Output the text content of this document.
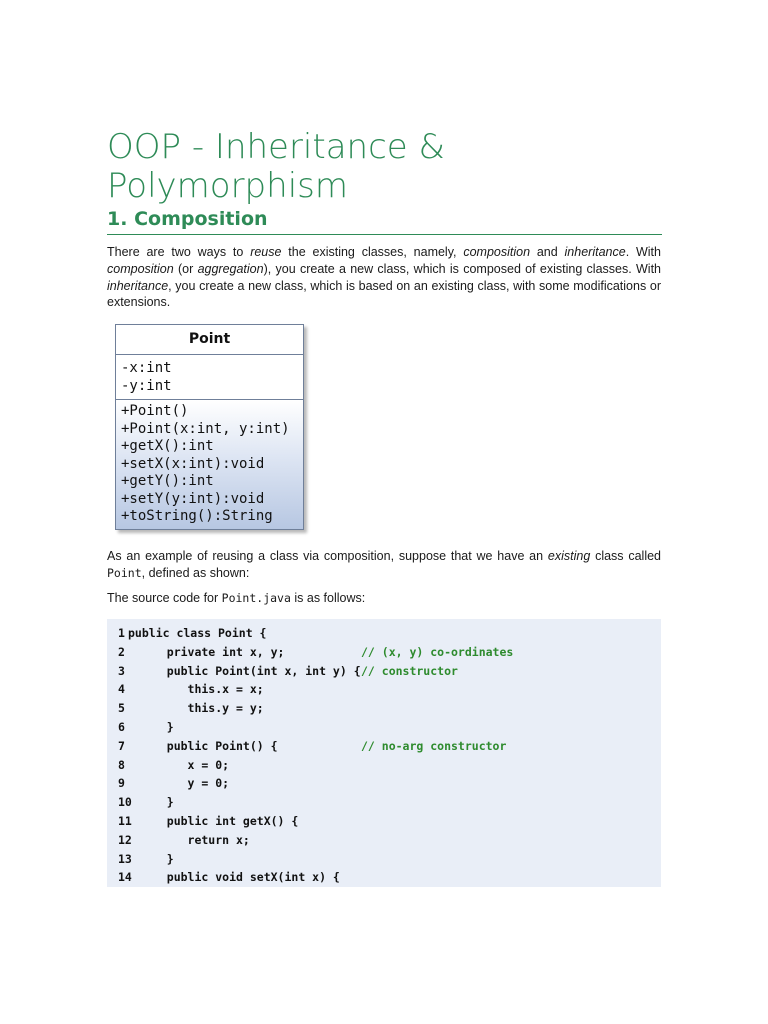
OOP - Inheritance & Polymorphism
1. Composition

There are two ways to reuse the existing classes, namely, composition and inheritance. With composition (or aggregation), you create a new class, which is composed of existing classes. With inheritance, you create a new class, which is based on an existing class, with some modifications or extensions.

Point
-x:int
-y:int
+Point()
+Point(x:int, y:int)
+getX():int
+setX(x:int):void
+getY():int
+setY(y:int):void
+toString():String

As an example of reusing a class via composition, suppose that we have an existing class called Point, defined as shown:

The source code for Point.java is as follows:

1 public class Point {
2	private int x, y;	// (x, y) co-ordinates
3	public Point(int x, int y) { // constructor
4	this.x = x;
5	this.y = y;
6	}
7	public Point() {	// no-arg constructor
8	x = 0;
9	y = 0;
10	}
11	public int getX() {
12	return x;
13	}
14	public void setX(int x) {
